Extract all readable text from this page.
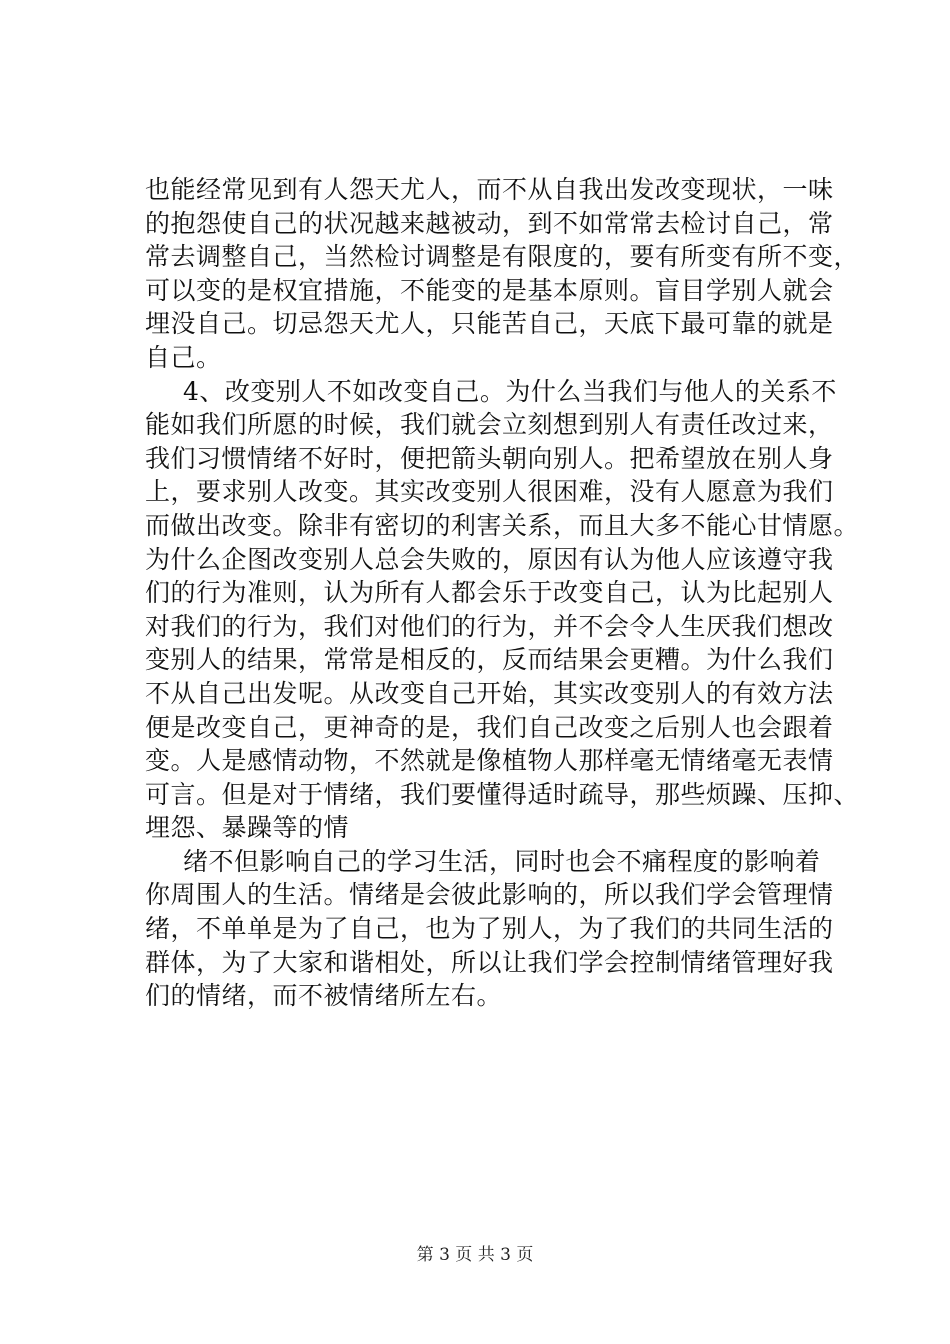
也能经常见到有人怨天尤人，而不从自我出发改变现状，一味
的抱怨使自己的状况越来越被动，到不如常常去检讨自己，常
常去调整自己，当然检讨调整是有限度的，要有所变有所不变，
可以变的是权宜措施，不能变的是基本原则。盲目学别人就会
埋没自己。切忌怨天尤人，只能苦自己，天底下最可靠的就是
自己。
4、改变别人不如改变自己。为什么当我们与他人的关系不
能如我们所愿的时候，我们就会立刻想到别人有责任改过来，
我们习惯情绪不好时，便把箭头朝向别人。把希望放在别人身
上，要求别人改变。其实改变别人很困难，没有人愿意为我们
而做出改变。除非有密切的利害关系，而且大多不能心甘情愿。
为什么企图改变别人总会失败的，原因有认为他人应该遵守我
们的行为准则，认为所有人都会乐于改变自己，认为比起别人
对我们的行为，我们对他们的行为，并不会令人生厌我们想改
变别人的结果，常常是相反的，反而结果会更糟。为什么我们
不从自己出发呢。从改变自己开始，其实改变别人的有效方法
便是改变自己，更神奇的是，我们自己改变之后别人也会跟着
变。人是感情动物，不然就是像植物人那样毫无情绪毫无表情
可言。但是对于情绪，我们要懂得适时疏导，那些烦躁、压抑、
埋怨、暴躁等的情
绪不但影响自己的学习生活，同时也会不痛程度的影响着
你周围人的生活。情绪是会彼此影响的，所以我们学会管理情
绪，不单单是为了自己，也为了别人，为了我们的共同生活的
群体，为了大家和谐相处，所以让我们学会控制情绪管理好我
们的情绪，而不被情绪所左右。
第 3 页 共 3 页
